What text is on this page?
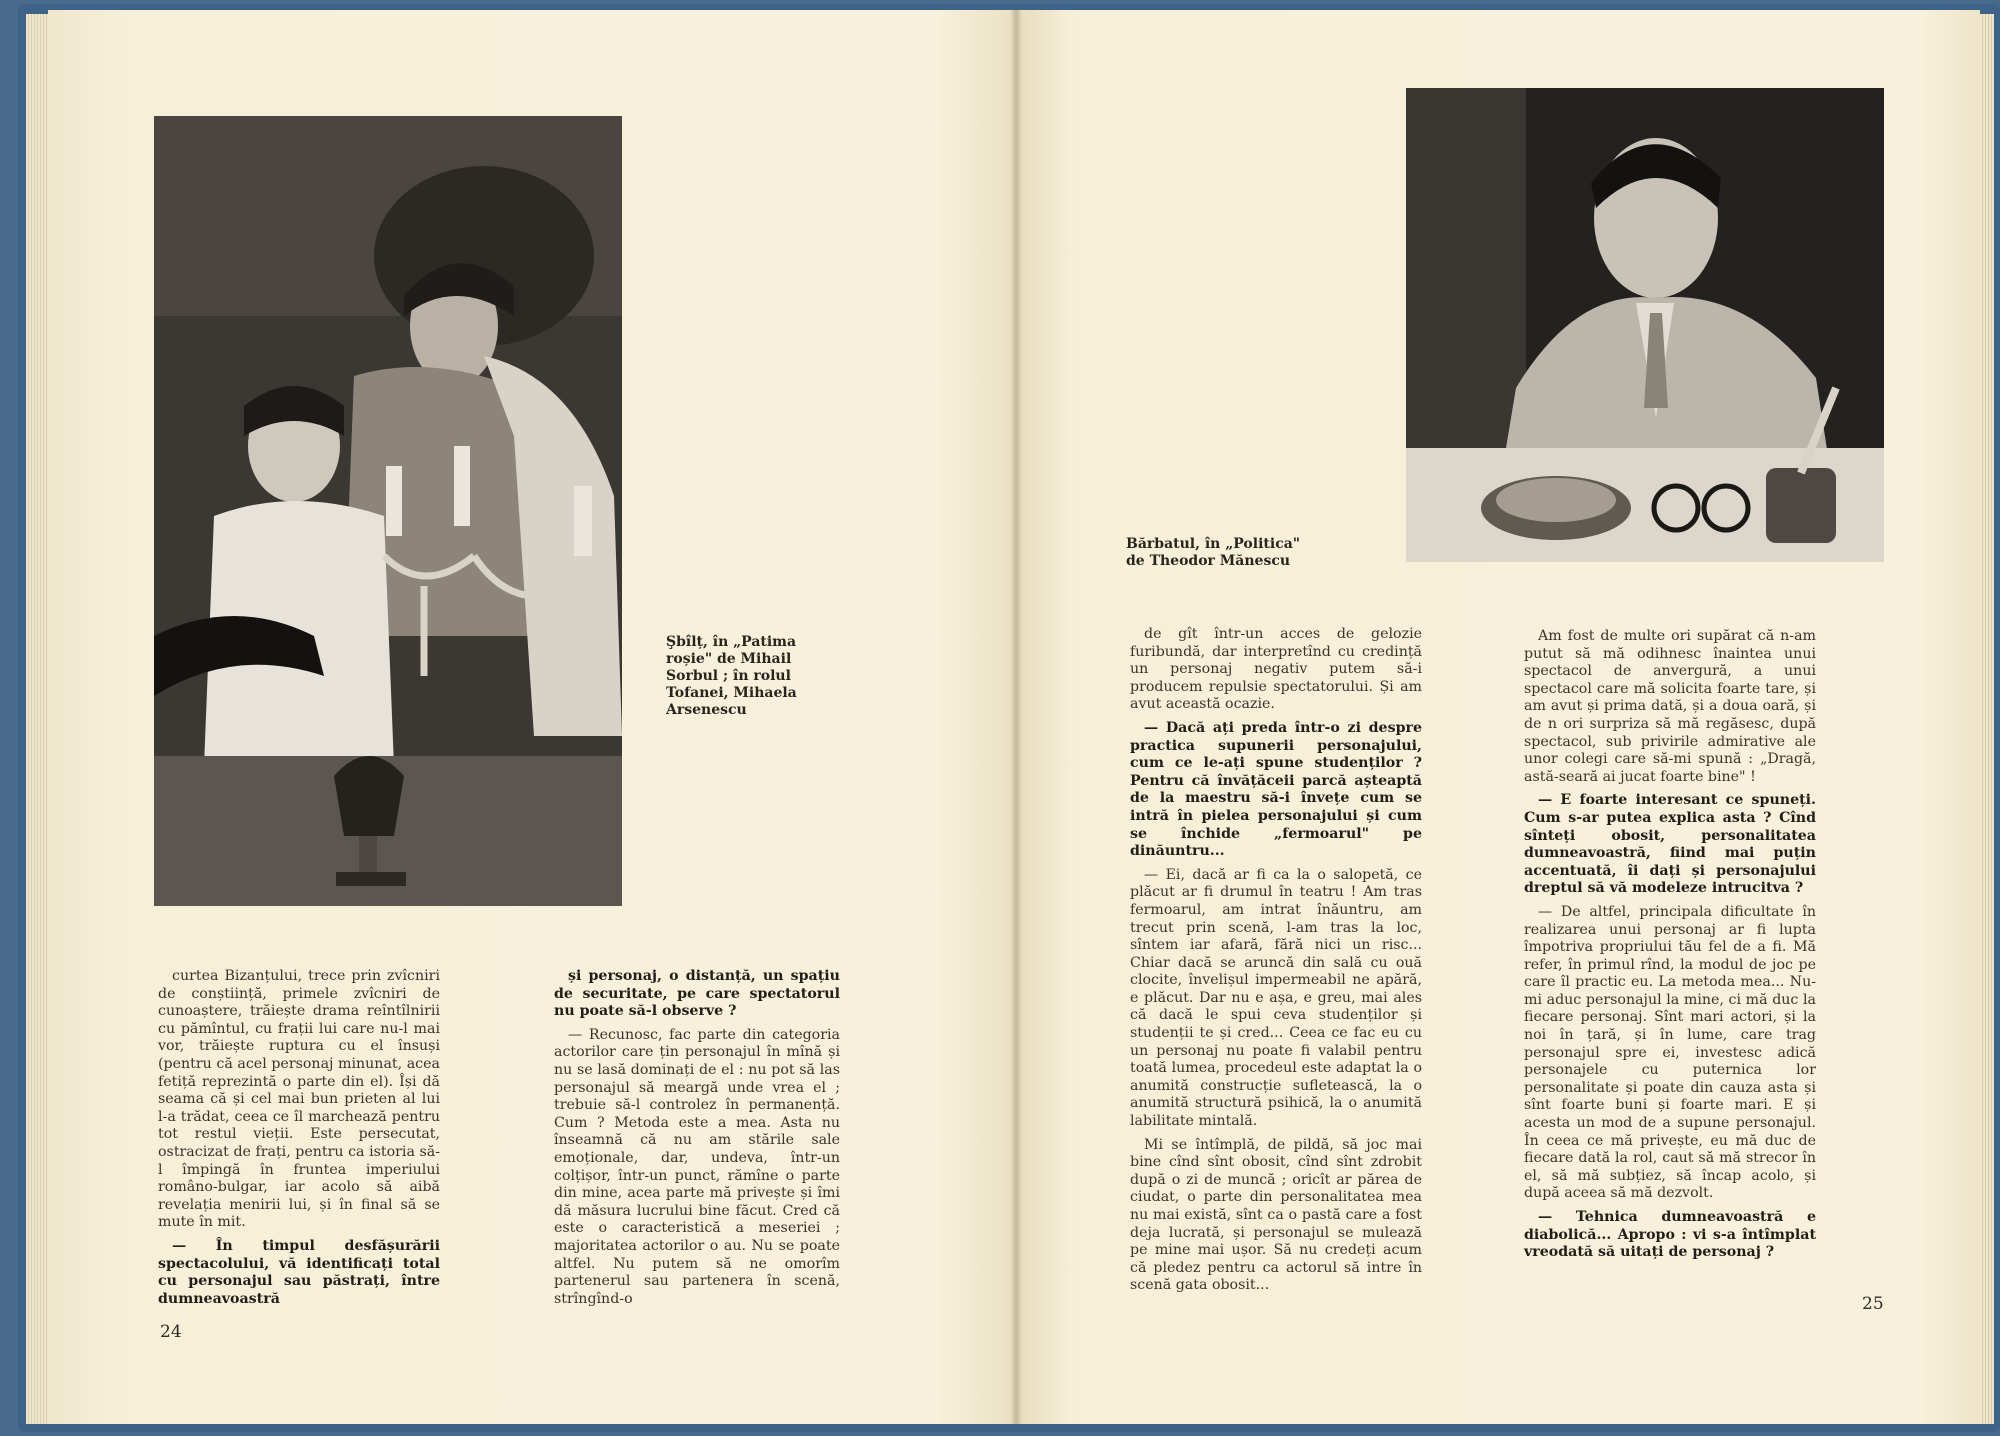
Şbîlț, în „Patima roșie" de Mihail Sorbul ; în rolul Tofanei, Mihaela Arsenescu

curtea Bizanțului, trece prin zvîcniri de conștiință, primele zvîcniri de cunoaștere, trăiește drama reîntîlnirii cu pămîntul, cu frații lui care nu-l mai vor, trăiește ruptura cu el însuși (pentru că acel personaj minunat, acea fetiță reprezintă o parte din el). Își dă seama că și cel mai bun prieten al lui l-a trădat, ceea ce îl marchează pentru tot restul vieții. Este persecutat, ostracizat de frați, pentru ca istoria să-l împingă în fruntea imperiului româno-bulgar, iar acolo să aibă revelația menirii lui, și în final să se mute în mit.

— În timpul desfășurării spectacolului, vă identificați total cu personajul sau păstrați, între dumneavoastră

și personaj, o distanță, un spațiu de securitate, pe care spectatorul nu poate să-l observe ?

— Recunosc, fac parte din categoria actorilor care țin personajul în mînă și nu se lasă dominați de el : nu pot să las personajul să meargă unde vrea el ; trebuie să-l controlez în permanență. Cum ? Metoda este a mea. Asta nu înseamnă că nu am stările sale emoționale, dar, undeva, într-un colțișor, într-un punct, rămîne o parte din mine, acea parte mă privește și îmi dă măsura lucrului bine făcut. Cred că este o caracteristică a meseriei ; majoritatea actorilor o au. Nu se poate altfel. Nu putem să ne omorîm partenerul sau partenera în scenă, strîngînd-o

24
Bărbatul, în „Politica"
de Theodor Mănescu

de gît într-un acces de gelozie furibundă, dar interpretînd cu credință un personaj negativ putem să-i producem repulsie spectatorului. Și am avut această ocazie.

— Dacă ați preda într-o zi despre practica supunerii personajului, cum ce le-ați spune studenților ? Pentru că învățăceii parcă așteaptă de la maestru să-i învețe cum se intră în pielea personajului și cum se închide „fermoarul" pe dinăuntru...

— Ei, dacă ar fi ca la o salopetă, ce plăcut ar fi drumul în teatru ! Am tras fermoarul, am intrat înăuntru, am trecut prin scenă, l-am tras la loc, sîntem iar afară, fără nici un risc... Chiar dacă se aruncă din sală cu ouă clocite, învelișul impermeabil ne apără, e plăcut. Dar nu e așa, e greu, mai ales că dacă le spui ceva studenților și studenții te și cred... Ceea ce fac eu cu un personaj nu poate fi valabil pentru toată lumea, procedeul este adaptat la o anumită construcție sufletească, la o anumită structură psihică, la o anumită labilitate mintală.

Mi se întîmplă, de pildă, să joc mai bine cînd sînt obosit, cînd sînt zdrobit după o zi de muncă ; oricît ar părea de ciudat, o parte din personalitatea mea nu mai există, sînt ca o pastă care a fost deja lucrată, și personajul se mulează pe mine mai ușor. Să nu credeți acum că pledez pentru ca actorul să intre în scenă gata obosit...

Am fost de multe ori supărat că n-am putut să mă odihnesc înaintea unui spectacol de anvergură, a unui spectacol care mă solicita foarte tare, și am avut și prima dată, și a doua oară, și de n ori surpriza să mă regăsesc, după spectacol, sub privirile admirative ale unor colegi care să-mi spună : „Dragă, astă-seară ai jucat foarte bine" !

— E foarte interesant ce spuneți. Cum s-ar putea explica asta ? Cînd sînteți obosit, personalitatea dumneavoastră, fiind mai puțin accentuată, îi dați și personajului dreptul să vă modeleze intrucitva ?

— De altfel, principala dificultate în realizarea unui personaj ar fi lupta împotriva propriului tău fel de a fi. Mă refer, în primul rînd, la modul de joc pe care îl practic eu. La metoda mea... Nu-mi aduc personajul la mine, ci mă duc la fiecare personaj. Sînt mari actori, și la noi în țară, și în lume, care trag personajul spre ei, investesc adică personajele cu puternica lor personalitate și poate din cauza asta și sînt foarte buni și foarte mari. E și acesta un mod de a supune personajul. În ceea ce mă privește, eu mă duc de fiecare dată la rol, caut să mă strecor în el, să mă subțiez, să încap acolo, și după aceea să mă dezvolt.

— Tehnica dumneavoastră e diabolică... Apropo : vi s-a întîmplat vreodată să uitați de personaj ?

25
